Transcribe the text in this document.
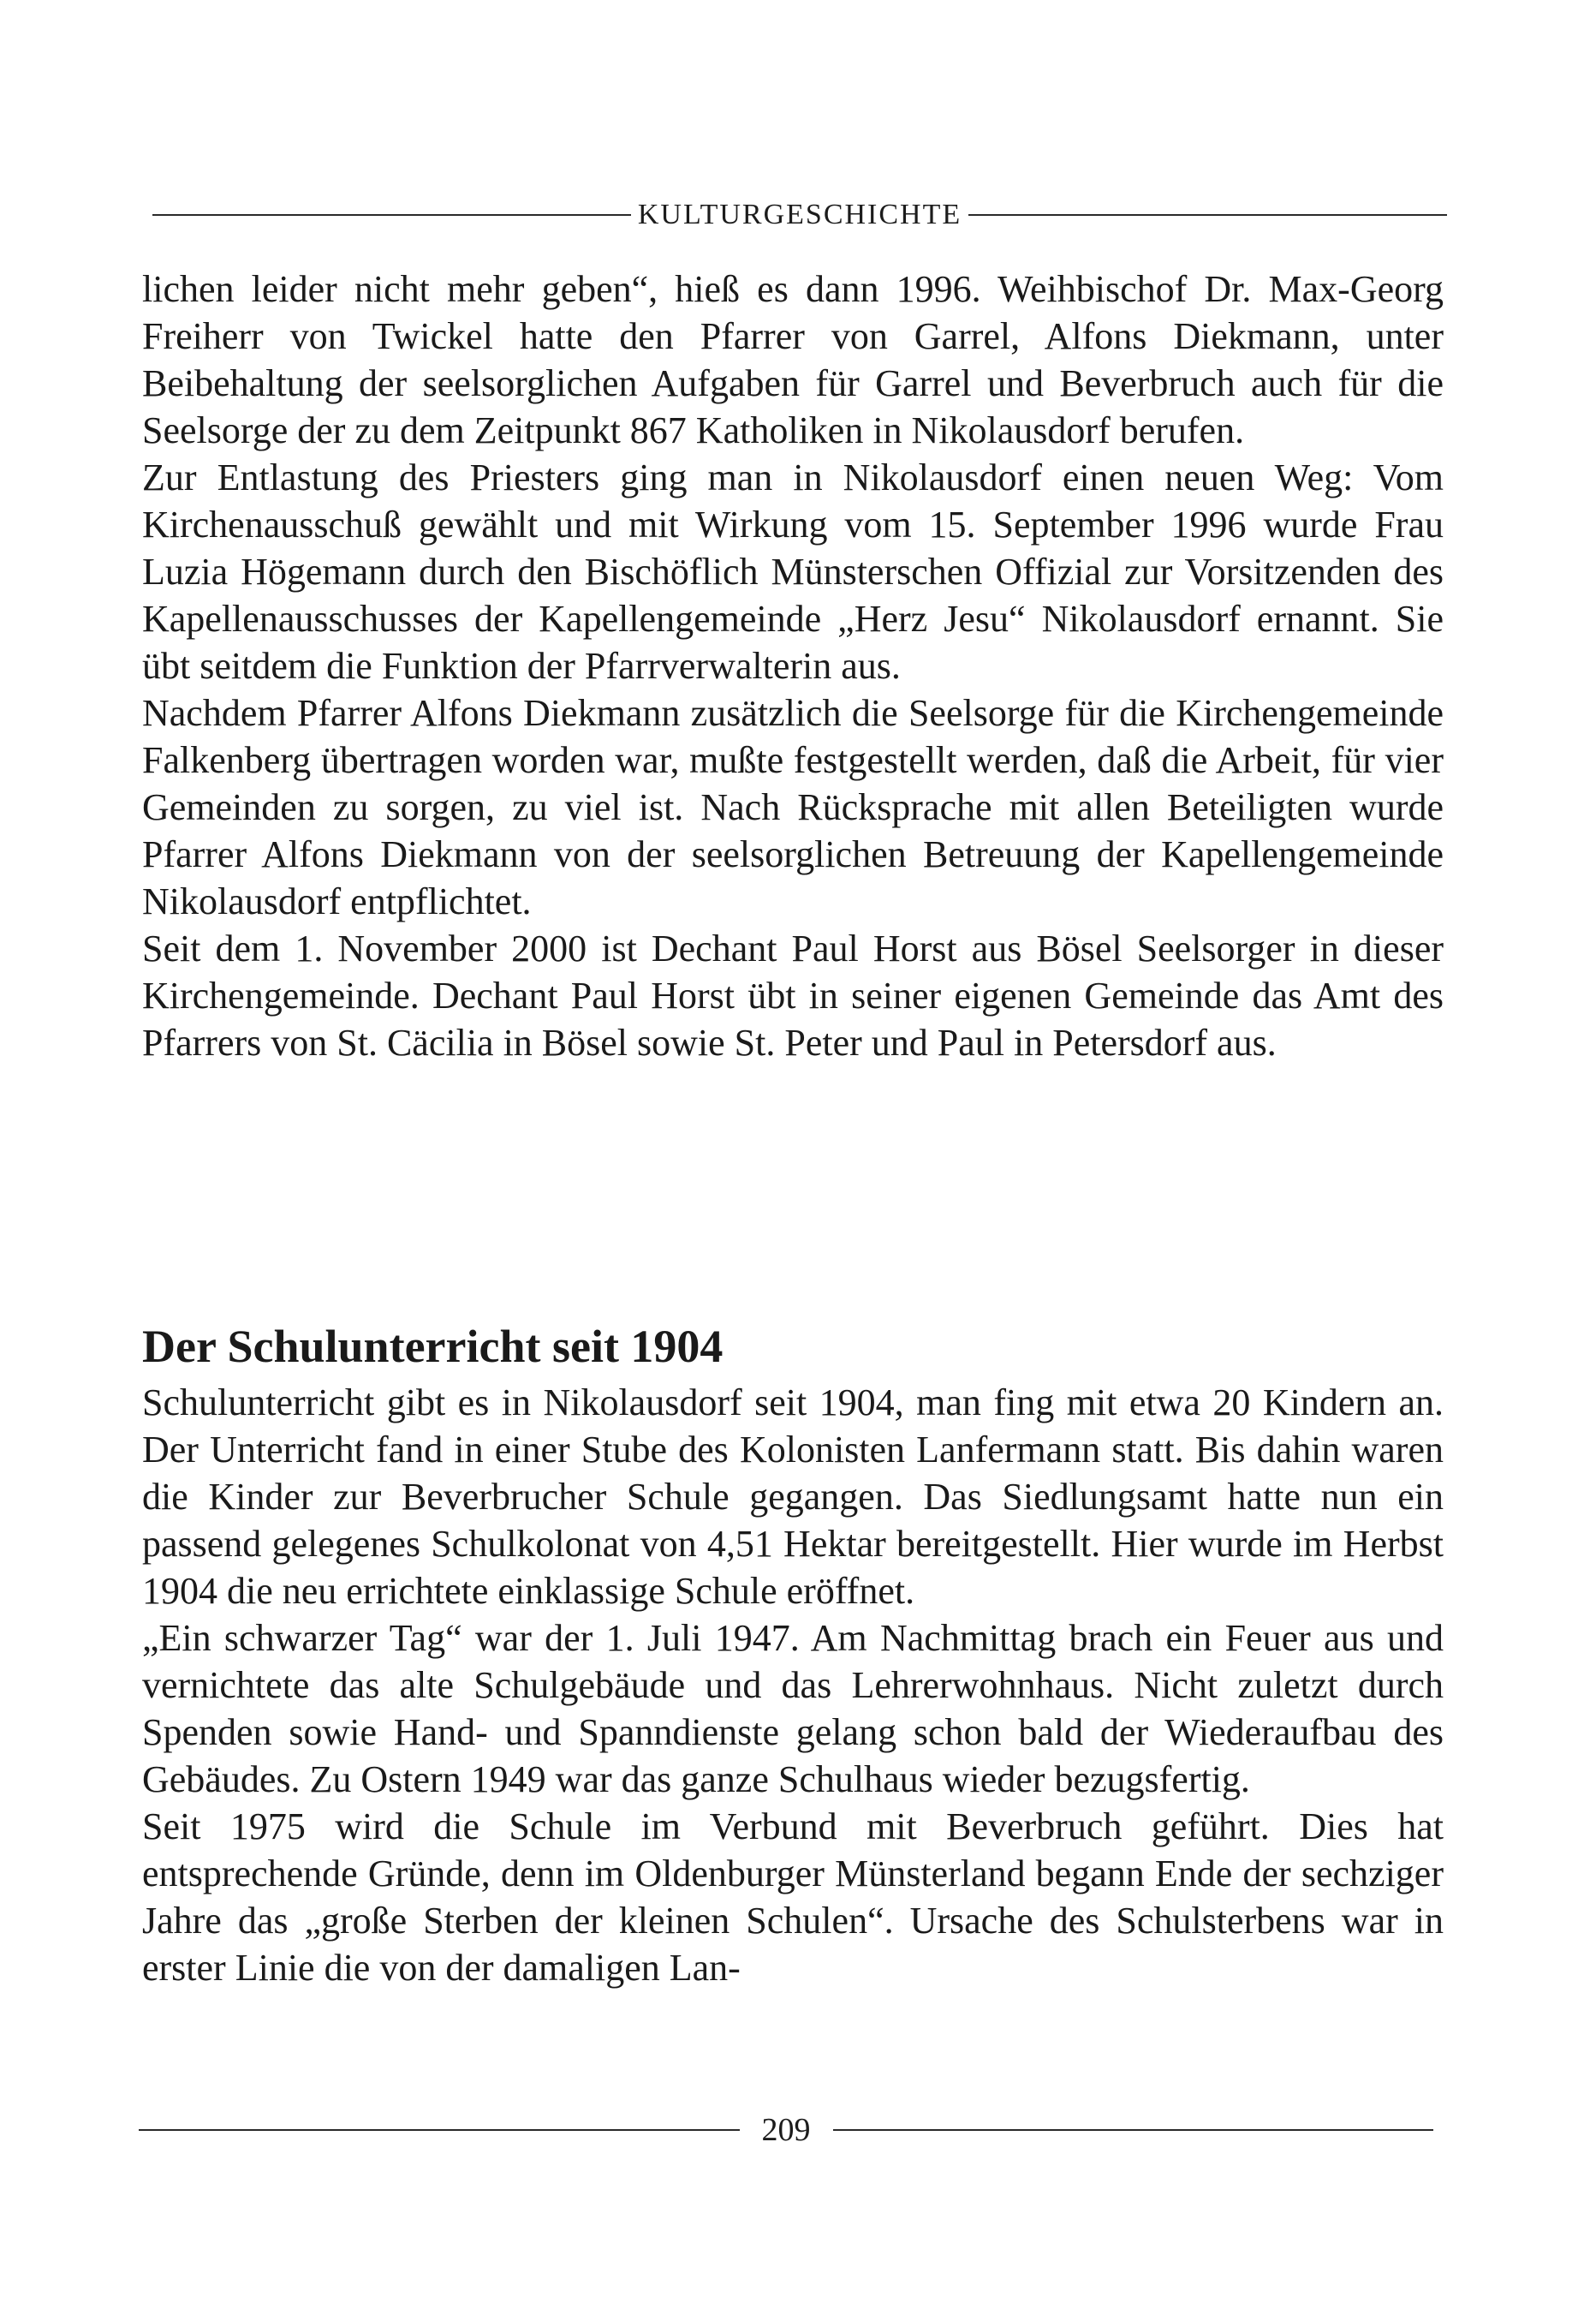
KULTURGESCHICHTE

lichen leider nicht mehr geben“, hieß es dann 1996. Weihbischof Dr. Max-Georg Freiherr von Twickel hatte den Pfarrer von Garrel, Alfons Diekmann, unter Beibehaltung der seelsorglichen Aufgaben für Garrel und Beverbruch auch für die Seelsorge der zu dem Zeitpunkt 867 Katholiken in Nikolausdorf berufen.

Zur Entlastung des Priesters ging man in Nikolausdorf einen neuen Weg: Vom Kirchenausschuß gewählt und mit Wirkung vom 15. September 1996 wurde Frau Luzia Högemann durch den Bischöflich Münsterschen Offizial zur Vorsitzenden des Kapellenausschusses der Kapellengemeinde „Herz Jesu“ Nikolausdorf ernannt. Sie übt seitdem die Funktion der Pfarrverwalterin aus.

Nachdem Pfarrer Alfons Diekmann zusätzlich die Seelsorge für die Kirchengemeinde Falkenberg übertragen worden war, mußte festgestellt werden, daß die Arbeit, für vier Gemeinden zu sorgen, zu viel ist. Nach Rücksprache mit allen Beteiligten wurde Pfarrer Alfons Diekmann von der seelsorglichen Betreuung der Kapellengemeinde Nikolausdorf entpflichtet.

Seit dem 1. November 2000 ist Dechant Paul Horst aus Bösel Seelsorger in dieser Kirchengemeinde. Dechant Paul Horst übt in seiner eigenen Gemeinde das Amt des Pfarrers von St. Cäcilia in Bösel sowie St. Peter und Paul in Petersdorf aus.

Der Schulunterricht seit 1904

Schulunterricht gibt es in Nikolausdorf seit 1904, man fing mit etwa 20 Kindern an. Der Unterricht fand in einer Stube des Kolonisten Lanfermann statt. Bis dahin waren die Kinder zur Beverbrucher Schule gegangen. Das Siedlungsamt hatte nun ein passend gelegenes Schulkolonat von 4,51 Hektar bereitgestellt. Hier wurde im Herbst 1904 die neu errichtete einklassige Schule eröffnet.

„Ein schwarzer Tag“ war der 1. Juli 1947. Am Nachmittag brach ein Feuer aus und vernichtete das alte Schulgebäude und das Lehrerwohnhaus. Nicht zuletzt durch Spenden sowie Hand- und Spanndienste gelang schon bald der Wiederaufbau des Gebäudes. Zu Ostern 1949 war das ganze Schulhaus wieder bezugsfertig.

Seit 1975 wird die Schule im Verbund mit Beverbruch geführt. Dies hat entsprechende Gründe, denn im Oldenburger Münsterland begann Ende der sechziger Jahre das „große Sterben der kleinen Schulen“. Ursache des Schulsterbens war in erster Linie die von der damaligen Lan-

209
